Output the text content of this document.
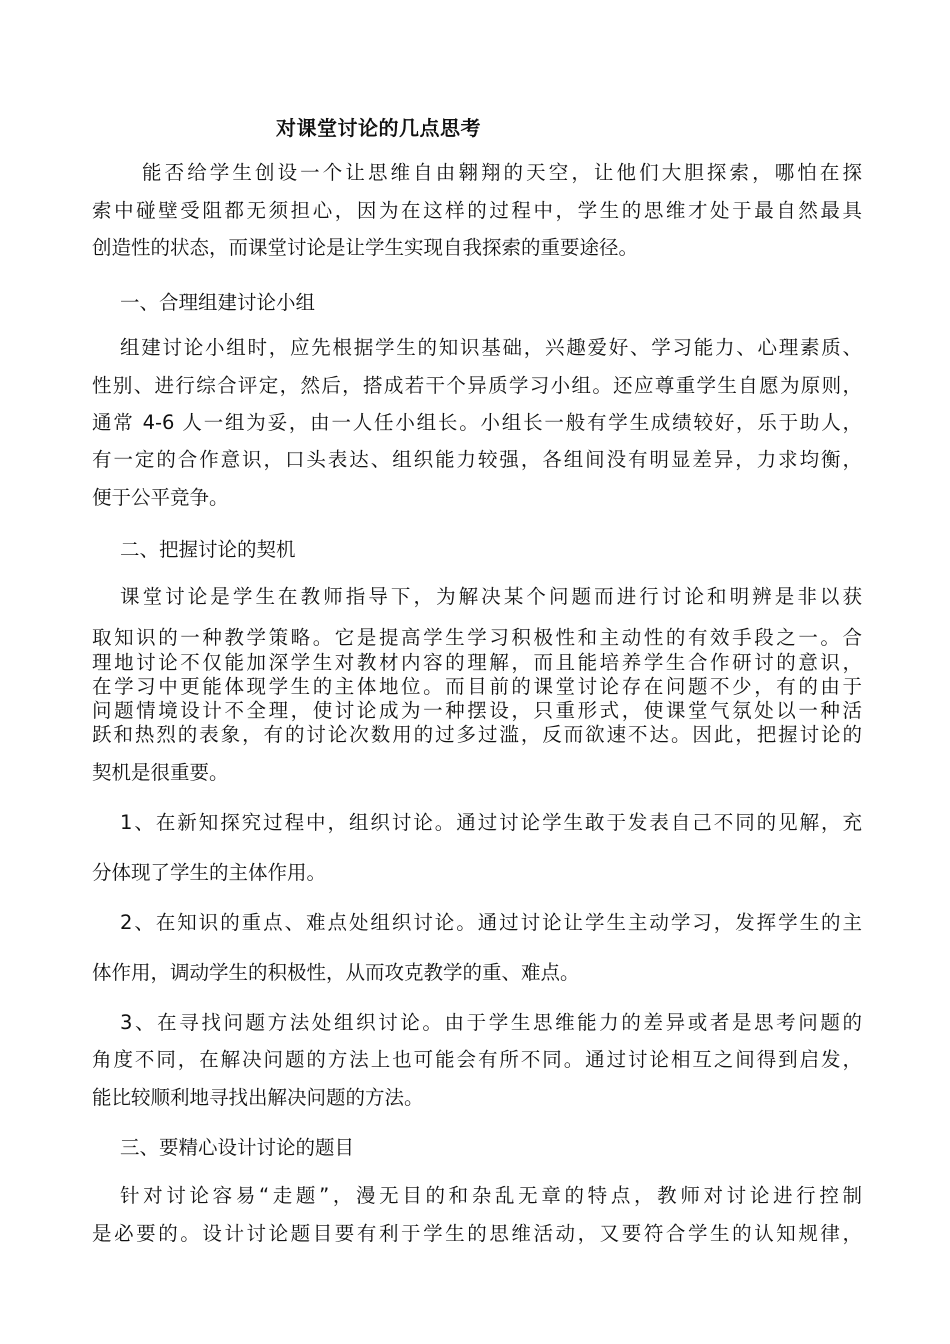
对课堂讨论的几点思考
能否给学生创设一个让思维自由翱翔的天空，让他们大胆探索，哪怕在探
索中碰壁受阻都无须担心，因为在这样的过程中，学生的思维才处于最自然最具
创造性的状态，而课堂讨论是让学生实现自我探索的重要途径。
一、合理组建讨论小组
组建讨论小组时，应先根据学生的知识基础，兴趣爱好、学习能力、心理素质、
性别、进行综合评定，然后，搭成若干个异质学习小组。还应尊重学生自愿为原则，
通常 4-6 人一组为妥，由一人任小组长。小组长一般有学生成绩较好，乐于助人，
有一定的合作意识，口头表达、组织能力较强，各组间没有明显差异，力求均衡，
便于公平竞争。
二、把握讨论的契机
课堂讨论是学生在教师指导下，为解决某个问题而进行讨论和明辨是非以获
取知识的一种教学策略。它是提高学生学习积极性和主动性的有效手段之一。合
理地讨论不仅能加深学生对教材内容的理解，而且能培养学生合作研讨的意识，
在学习中更能体现学生的主体地位。而目前的课堂讨论存在问题不少，有的由于
问题情境设计不全理，使讨论成为一种摆设，只重形式，使课堂气氛处以一种活
跃和热烈的表象，有的讨论次数用的过多过滥，反而欲速不达。因此，把握讨论的
契机是很重要。
1、在新知探究过程中，组织讨论。通过讨论学生敢于发表自己不同的见解，充
分体现了学生的主体作用。
2、在知识的重点、难点处组织讨论。通过讨论让学生主动学习，发挥学生的主
体作用，调动学生的积极性，从而攻克教学的重、难点。
3、在寻找问题方法处组织讨论。由于学生思维能力的差异或者是思考问题的
角度不同，在解决问题的方法上也可能会有所不同。通过讨论相互之间得到启发，
能比较顺利地寻找出解决问题的方法。
三、要精心设计讨论的题目
针对讨论容易“走题”，漫无目的和杂乱无章的特点，教师对讨论进行控制
是必要的。设计讨论题目要有利于学生的思维活动，又要符合学生的认知规律，
